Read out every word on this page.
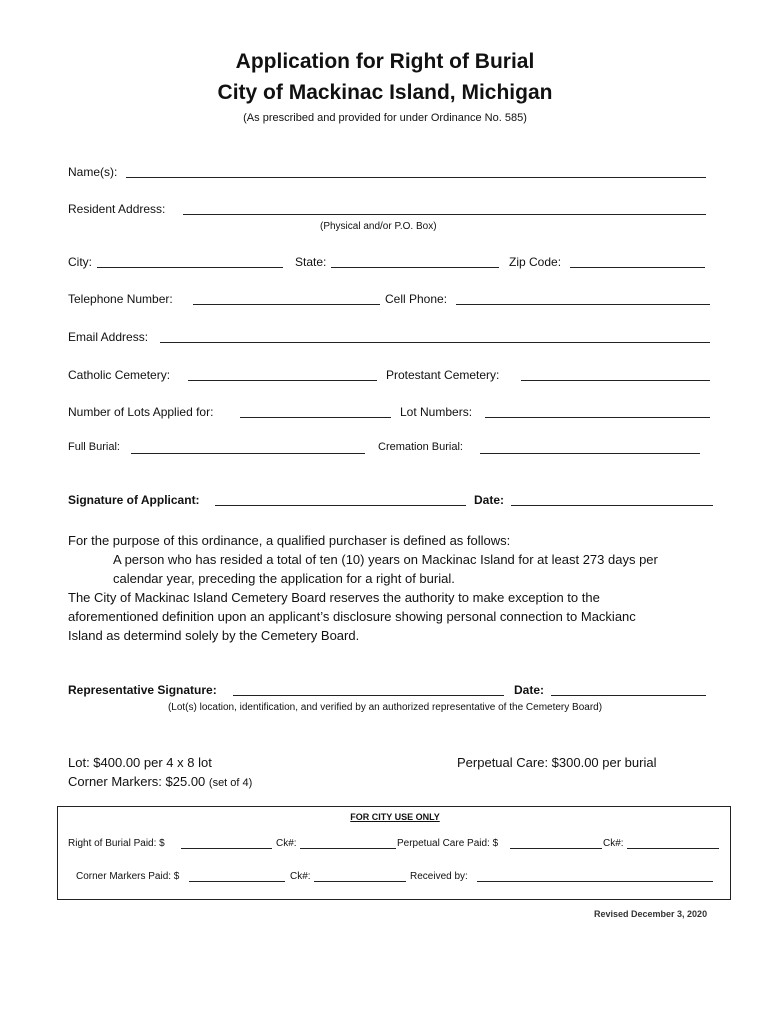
Application for Right of Burial
City of Mackinac Island, Michigan
(As prescribed and provided for under Ordinance No. 585)
Name(s):
Resident Address:
(Physical and/or P.O. Box)
City:	State:	Zip Code:
Telephone Number:	Cell Phone:
Email Address:
Catholic Cemetery:	Protestant Cemetery:
Number of Lots Applied for:	Lot Numbers:
Full Burial:	Cremation Burial:
Signature of Applicant:	Date:
For the purpose of this ordinance, a qualified purchaser is defined as follows:
A person who has resided a total of ten (10) years on Mackinac Island for at least 273 days per
calendar year, preceding the application for a right of burial.
The City of Mackinac Island Cemetery Board reserves the authority to make exception to the
aforementioned definition upon an applicant’s disclosure showing personal connection to Mackianc
Island as determind solely by the Cemetery Board.
Representative Signature:	Date:
(Lot(s) location, identification, and verified by an authorized representative of the Cemetery Board)
Lot: $400.00 per 4 x 8 lot
Corner Markers: $25.00 (set of 4)
Perpetual Care: $300.00 per burial
FOR CITY USE ONLY
Right of Burial Paid: $	Ck#:	Perpetual Care Paid: $	Ck#:
Corner Markers Paid: $	Ck#:	Received by:
Revised December 3, 2020
